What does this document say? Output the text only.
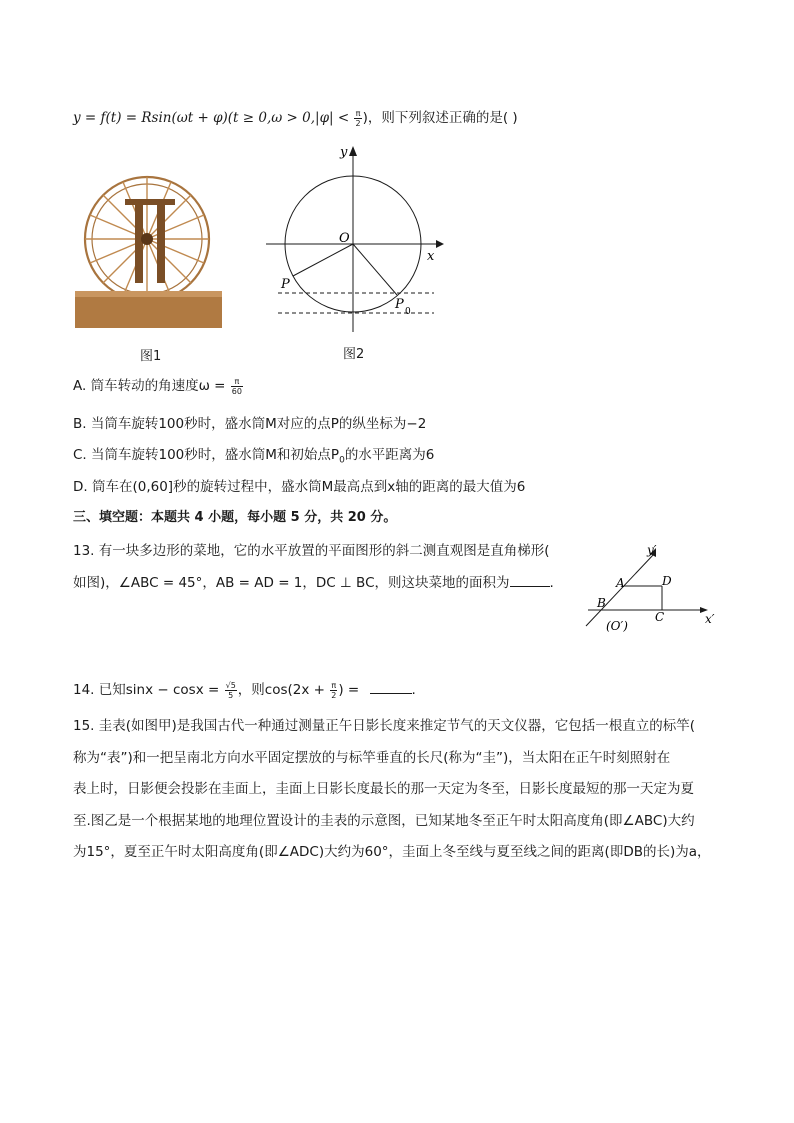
$y = f(t) = Rsin(\omega t + \varphi)(t \ge 0,\omega > 0,|\varphi| < \frac{\pi}{2}$ )，则下列叙述正确的是( )
图1
y
x
O
P
P 0
图2
A. 筒车转动的角速度$\omega = \frac{\pi}{60}$
B. 当筒车旋转100秒时，盛水筒M对应的点P的纵坐标为−2
C. 当筒车旋转100秒时，盛水筒M和初始点$P_0$的水平距离为6
D. 筒车在(0,60]秒的旋转过程中，盛水筒M最高点到x轴的距离的最大值为6
三、填空题：本题共 4 小题，每小题 5 分，共 20 分。
13. 有一块多边形的菜地，它的水平放置的平面图形的斜二测直观图是直角梯形(
如图)，∠ABC = 45°，AB = AD = 1，DC ⊥ BC，则这块菜地的面积为	.
y′
x′
A	D
B
C
(O′)
14. 已知$\sin x - \cos x = \frac{√5}{5}$ ，则$\cos(2x + \frac{\pi}{2}$ ) =	.
15. 圭表(如图甲)是我国古代一种通过测量正午日影长度来推定节气的天文仪器，它包括一根直立的标竿(
称为“表”)和一把呈南北方向水平固定摆放的与标竿垂直的长尺(称为“圭”)，当太阳在正午时刻照射在
表上时，日影便会投影在圭面上，圭面上日影长度最长的那一天定为冬至，日影长度最短的那一天定为夏
至.图乙是一个根据某地的地理位置设计的圭表的示意图，已知某地冬至正午时太阳高度角(即∠ABC)大约
为15°，夏至正午时太阳高度角(即∠ADC)大约为60°，圭面上冬至线与夏至线之间的距离(即DB的长)为a，
